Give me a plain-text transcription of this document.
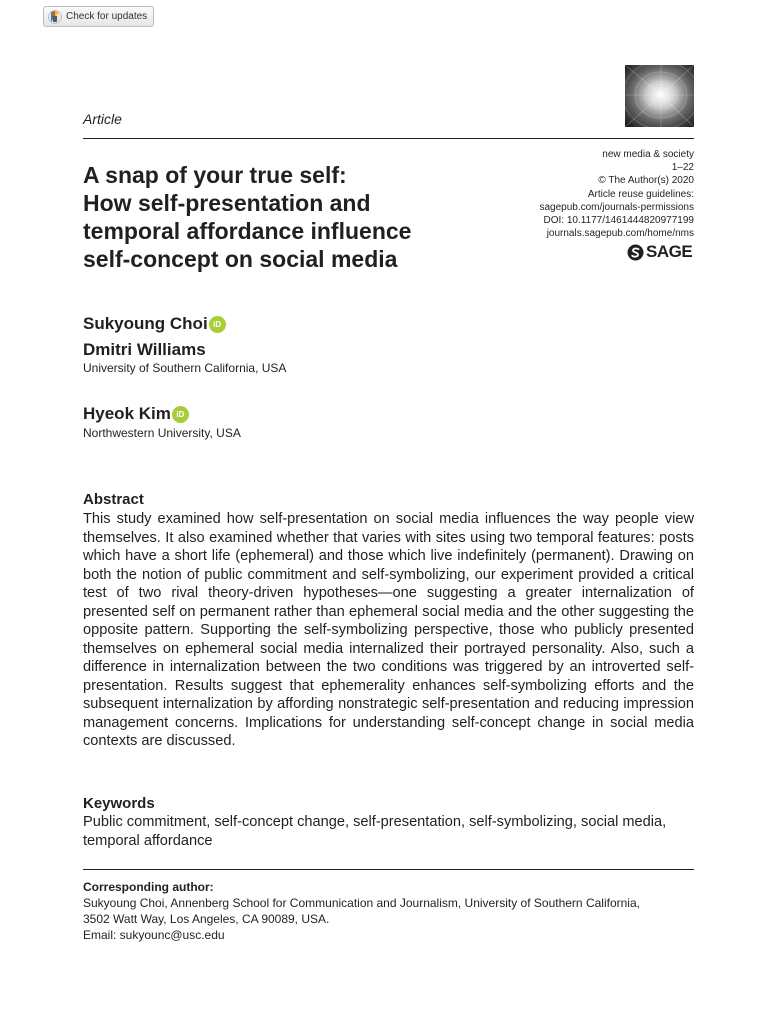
Check for updates
Article
new media & society
1–22
© The Author(s) 2020
Article reuse guidelines:
sagepub.com/journals-permissions
DOI: 10.1177/1461444820977199
journals.sagepub.com/home/nms
SAGE
A snap of your true self:
How self-presentation and
temporal affordance influence
self-concept on social media
Sukyoung Choi iD
Dmitri Williams
University of Southern California, USA
Hyeok Kim iD
Northwestern University, USA
Abstract
This study examined how self-presentation on social media influences the way people view themselves. It also examined whether that varies with sites using two temporal features: posts which have a short life (ephemeral) and those which live indefinitely (permanent). Drawing on both the notion of public commitment and self-symbolizing, our experiment provided a critical test of two rival theory-driven hypotheses—one suggesting a greater internalization of presented self on permanent rather than ephemeral social media and the other suggesting the opposite pattern. Supporting the self-symbolizing perspective, those who publicly presented themselves on ephemeral social media internalized their portrayed personality. Also, such a difference in internalization between the two conditions was triggered by an introverted self-presentation. Results suggest that ephemerality enhances self-symbolizing efforts and the subsequent internalization by affording nonstrategic self-presentation and reducing impression management concerns. Implications for understanding self-concept change in social media contexts are discussed.
Keywords
Public commitment, self-concept change, self-presentation, self-symbolizing, social media, temporal affordance
Corresponding author:
Sukyoung Choi, Annenberg School for Communication and Journalism, University of Southern California,
3502 Watt Way, Los Angeles, CA 90089, USA.
Email: sukyounc@usc.edu
